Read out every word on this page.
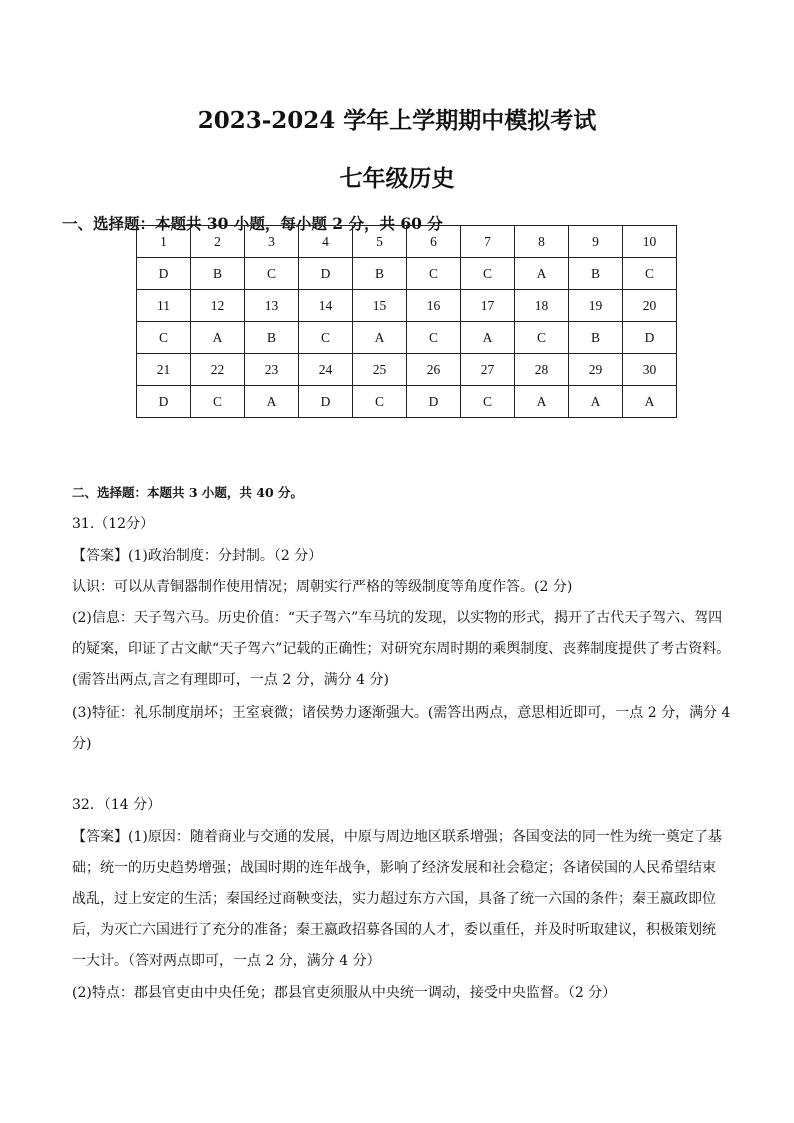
2023-2024 学年上学期期中模拟考试
七年级历史
一、选择题：本题共 30 小题，每小题 2 分，共 60 分
1	2	3	4	5	6	7	8	9	10
D	B	C	D	B	C	C	A	B	C
11	12	13	14	15	16	17	18	19	20
C	A	B	C	A	C	A	C	B	D
21	22	23	24	25	26	27	28	29	30
D	C	A	D	C	D	C	A	A	A
二、选择题：本题共 3 小题，共 40 分。
31.（12分）
【答案】(1)政治制度：分封制。（2 分）
认识：可以从青铜器制作使用情况；周朝实行严格的等级制度等角度作答。(2 分)
(2)信息：天子驾六马。历史价值：“天子驾六”车马坑的发现，以实物的形式，揭开了古代天子驾六、驾四
的疑案，印证了古文献“天子驾六”记载的正确性；对研究东周时期的乘舆制度、丧葬制度提供了考古资料。
(需答出两点,言之有理即可，一点 2 分，满分 4 分)
(3)特征：礼乐制度崩坏；王室衰微；诸侯势力逐渐强大。(需答出两点，意思相近即可，一点 2 分，满分 4
分)
32．（14 分）
【答案】(1)原因：随着商业与交通的发展，中原与周边地区联系增强；各国变法的同一性为统一奠定了基
础；统一的历史趋势增强；战国时期的连年战争，影响了经济发展和社会稳定；各诸侯国的人民希望结束
战乱，过上安定的生活；秦国经过商鞅变法，实力超过东方六国，具备了统一六国的条件；秦王嬴政即位
后，为灭亡六国进行了充分的准备；秦王嬴政招募各国的人才，委以重任，并及时听取建议，积极策划统
一大计。（答对两点即可，一点 2 分，满分 4 分）
(2)特点：郡县官吏由中央任免；郡县官吏须服从中央统一调动，接受中央监督。（2 分）
